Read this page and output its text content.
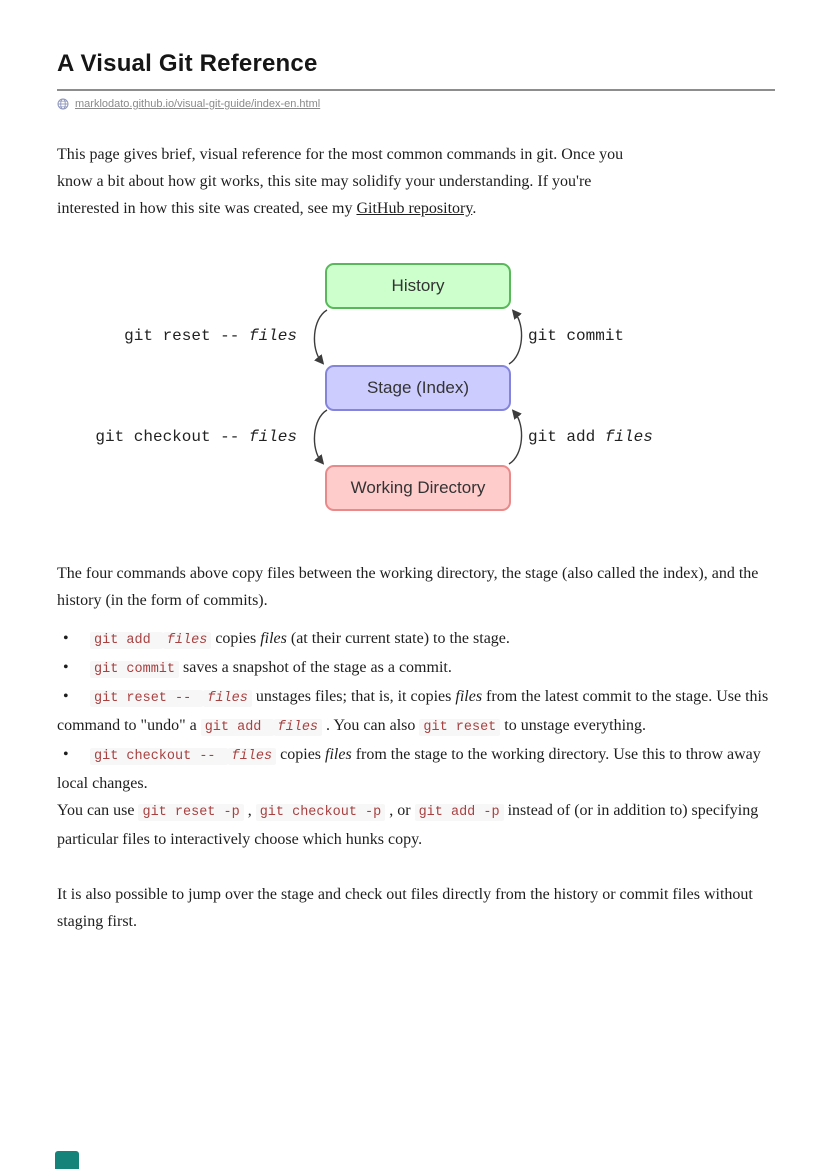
A Visual Git Reference
marklodato.github.io/visual-git-guide/index-en.html
This page gives brief, visual reference for the most common commands in git. Once you know a bit about how git works, this site may solidify your understanding. If you're interested in how this site was created, see my GitHub repository.
History
Stage (Index)
Working Directory
git reset -- files	git commit
git checkout -- files	git add files
The four commands above copy files between the working directory, the stage (also called the index), and the history (in the form of commits).
• git add files copies files (at their current state) to the stage.
• git commit saves a snapshot of the stage as a commit.
• git reset -- files unstages files; that is, it copies files from the latest commit to the stage. Use this command to "undo" a git add files . You can also git reset to unstage everything.
• git checkout -- files copies files from the stage to the working directory. Use this to throw away local changes.
You can use git reset -p , git checkout -p , or git add -p instead of (or in addition to) specifying particular files to interactively choose which hunks copy.
It is also possible to jump over the stage and check out files directly from the history or commit files without staging first.
